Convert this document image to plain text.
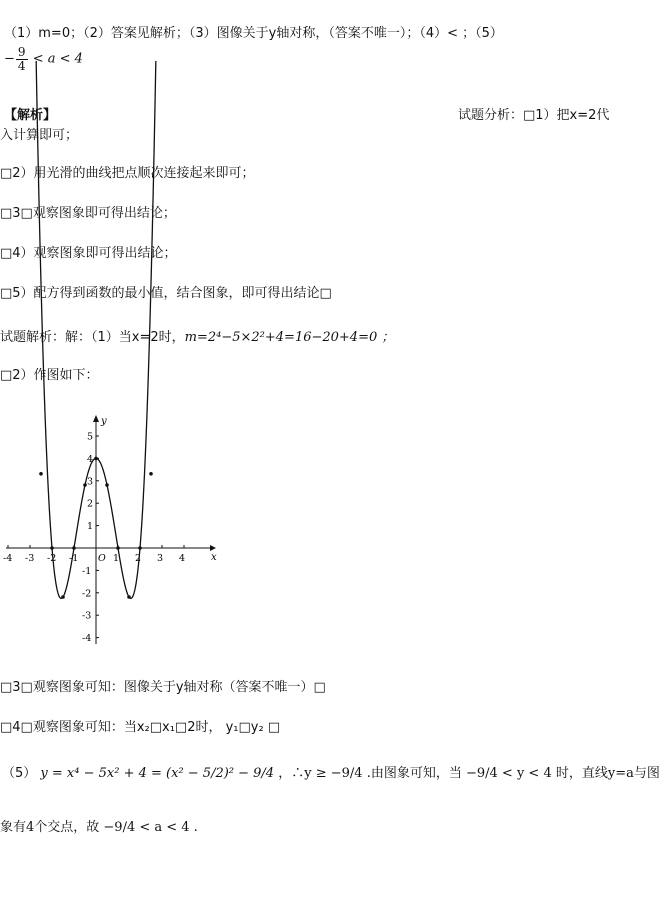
（1）m=0；（2）答案见解析；（3）图像关于y轴对称，（答案不唯一）；（4）< ；（5）
− $\frac{9}{4} < a < 4$
【解析】	试题分析：□1）把x=2代
入计算即可；
□2）用光滑的曲线把点顺次连接起来即可；
□3□观察图象即可得出结论；
□4）观察图象即可得出结论；
□5）配方得到函数的最小值，结合图象，即可得出结论□
试题解析：解：（1）当x=2时，m=2⁴−5×2²+4=16−20+4=0 ；
□2）作图如下：
x
y
-4 -3 -2 -1 O 1 2 3 4
5
4
3
2
1
-1
-2
-3
-4
□3□观察图象可知：图像关于y轴对称（答案不唯一）□
□4□观察图象可知：当x₂□x₁□2时， y₁□y₂ □
（5） y = x⁴ − 5x² + 4 = (x² − 5/2)² − 9/4 ，∴y ≥ −9/4 .由图象可知，当 −9/4 < y < 4 时，直线y=a与图
象有4个交点，故 −9/4 < a < 4 .
